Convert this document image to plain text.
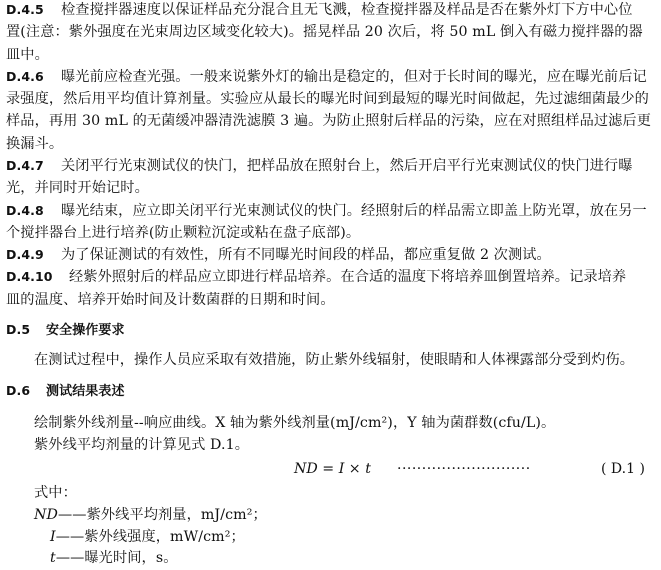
D.4.5 检查搅拌器速度以保证样品充分混合且无飞溅，检查搅拌器及样品是否在紫外灯下方中心位
置(注意：紫外强度在光束周边区域变化较大)。摇晃样品 20 次后，将 50 mL 倒入有磁力搅拌器的器
皿中。
D.4.6 曝光前应检查光强。一般来说紫外灯的输出是稳定的，但对于长时间的曝光，应在曝光前后记
录强度，然后用平均值计算剂量。实验应从最长的曝光时间到最短的曝光时间做起，先过滤细菌最少的
样品，再用 30 mL 的无菌缓冲器清洗滤膜 3 遍。为防止照射后样品的污染，应在对照组样品过滤后更
换漏斗。
D.4.7 关闭平行光束测试仪的快门，把样品放在照射台上，然后开启平行光束测试仪的快门进行曝
光，并同时开始记时。
D.4.8 曝光结束，应立即关闭平行光束测试仪的快门。经照射后的样品需立即盖上防光罩，放在另一
个搅拌器台上进行培养(防止颗粒沉淀或粘在盘子底部)。
D.4.9 为了保证测试的有效性，所有不同曝光时间段的样品，都应重复做 2 次测试。
D.4.10 经紫外照射后的样品应立即进行样品培养。在合适的温度下将培养皿倒置培养。记录培养
皿的温度、培养开始时间及计数菌群的日期和时间。
D.5 安全操作要求
在测试过程中，操作人员应采取有效措施，防止紫外线辐射，使眼睛和人体裸露部分受到灼伤。
D.6 测试结果表述
绘制紫外线剂量--响应曲线。X 轴为紫外线剂量(mJ/cm²)，Y 轴为菌群数(cfu/L)。
紫外线平均剂量的计算见式 D.1。
ND = I × t ···························	( D.1 )
式中：
ND——紫外线平均剂量，mJ/cm²；
I——紫外线强度，mW/cm²；
t——曝光时间，s。
